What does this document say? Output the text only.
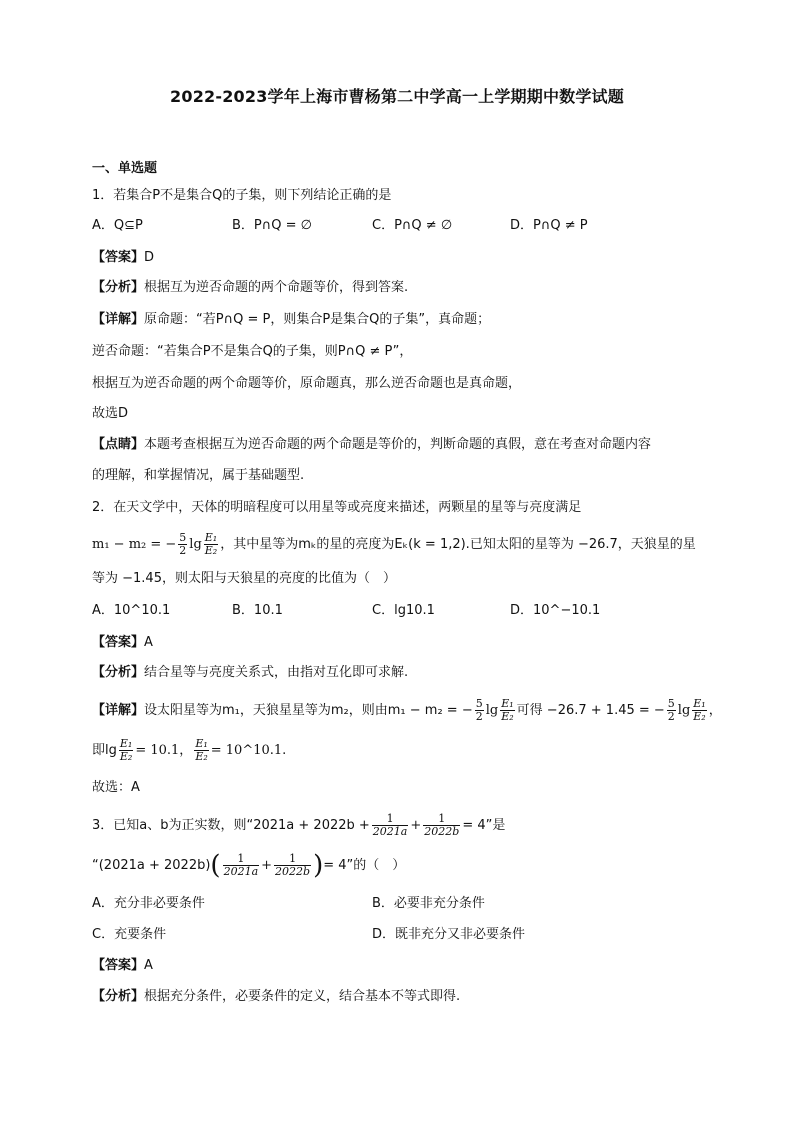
2022-2023学年上海市曹杨第二中学高一上学期期中数学试题
一、单选题
1．若集合P不是集合Q的子集，则下列结论正确的是
A．Q⊆P	B．P∩Q = ∅	C．P∩Q ≠ ∅	D．P∩Q ≠ P
【答案】D
【分析】根据互为逆否命题的两个命题等价，得到答案.
【详解】原命题：“若P∩Q = P，则集合P是集合Q的子集”，真命题；
逆否命题：“若集合P不是集合Q的子集，则P∩Q ≠ P”，
根据互为逆否命题的两个命题等价，原命题真，那么逆否命题也是真命题，
故选D
【点睛】本题考查根据互为逆否命题的两个命题是等价的，判断命题的真假，意在考查对命题内容
的理解，和掌握情况，属于基础题型.
2．在天文学中，天体的明暗程度可以用星等或亮度来描述，两颗星的星等与亮度满足
m₁ − m₂ = − $\frac{5}{2}$ $\lg \frac{\text{E₁}}{\text{E₂}}$ ，其中星等为mₖ的星的亮度为Eₖ(k = 1,2).已知太阳的星等为 −26.7，天狼星的星
等为 −1.45，则太阳与天狼星的亮度的比值为（　）
A．10^10.1	B．10.1	C．lg10.1	D．10^−10.1
【答案】A
【分析】结合星等与亮度关系式，由指对互化即可求解.
【详解】设太阳星等为m₁，天狼星星等为m₂，则由m₁ − m₂ = − $\frac{5}{2}$ $\lg \frac{\text{E₁}}{\text{E₂}}$ 可得 −26.7 + 1.45 = − $\frac{5}{2}$ $\lg \frac{\text{E₁}}{\text{E₂}}$ ，
即$\lg \frac{\text{E₁}}{\text{E₂}} = 10.1$， $\frac{\text{E₁}}{\text{E₂}}$ = 10^10.1.
故选：A
3．已知a、b为正实数，则“$2021a + 2022b + \frac{1}{2021a} + \frac{1}{2022b} = 4$”是
“$(2021a + 2022b)( \frac{1}{2021a} + \frac{1}{2022b}$ )= 4”的（　）
A．充分非必要条件	B．必要非充分条件
C．充要条件	D．既非充分又非必要条件
【答案】A
【分析】根据充分条件，必要条件的定义，结合基本不等式即得.
